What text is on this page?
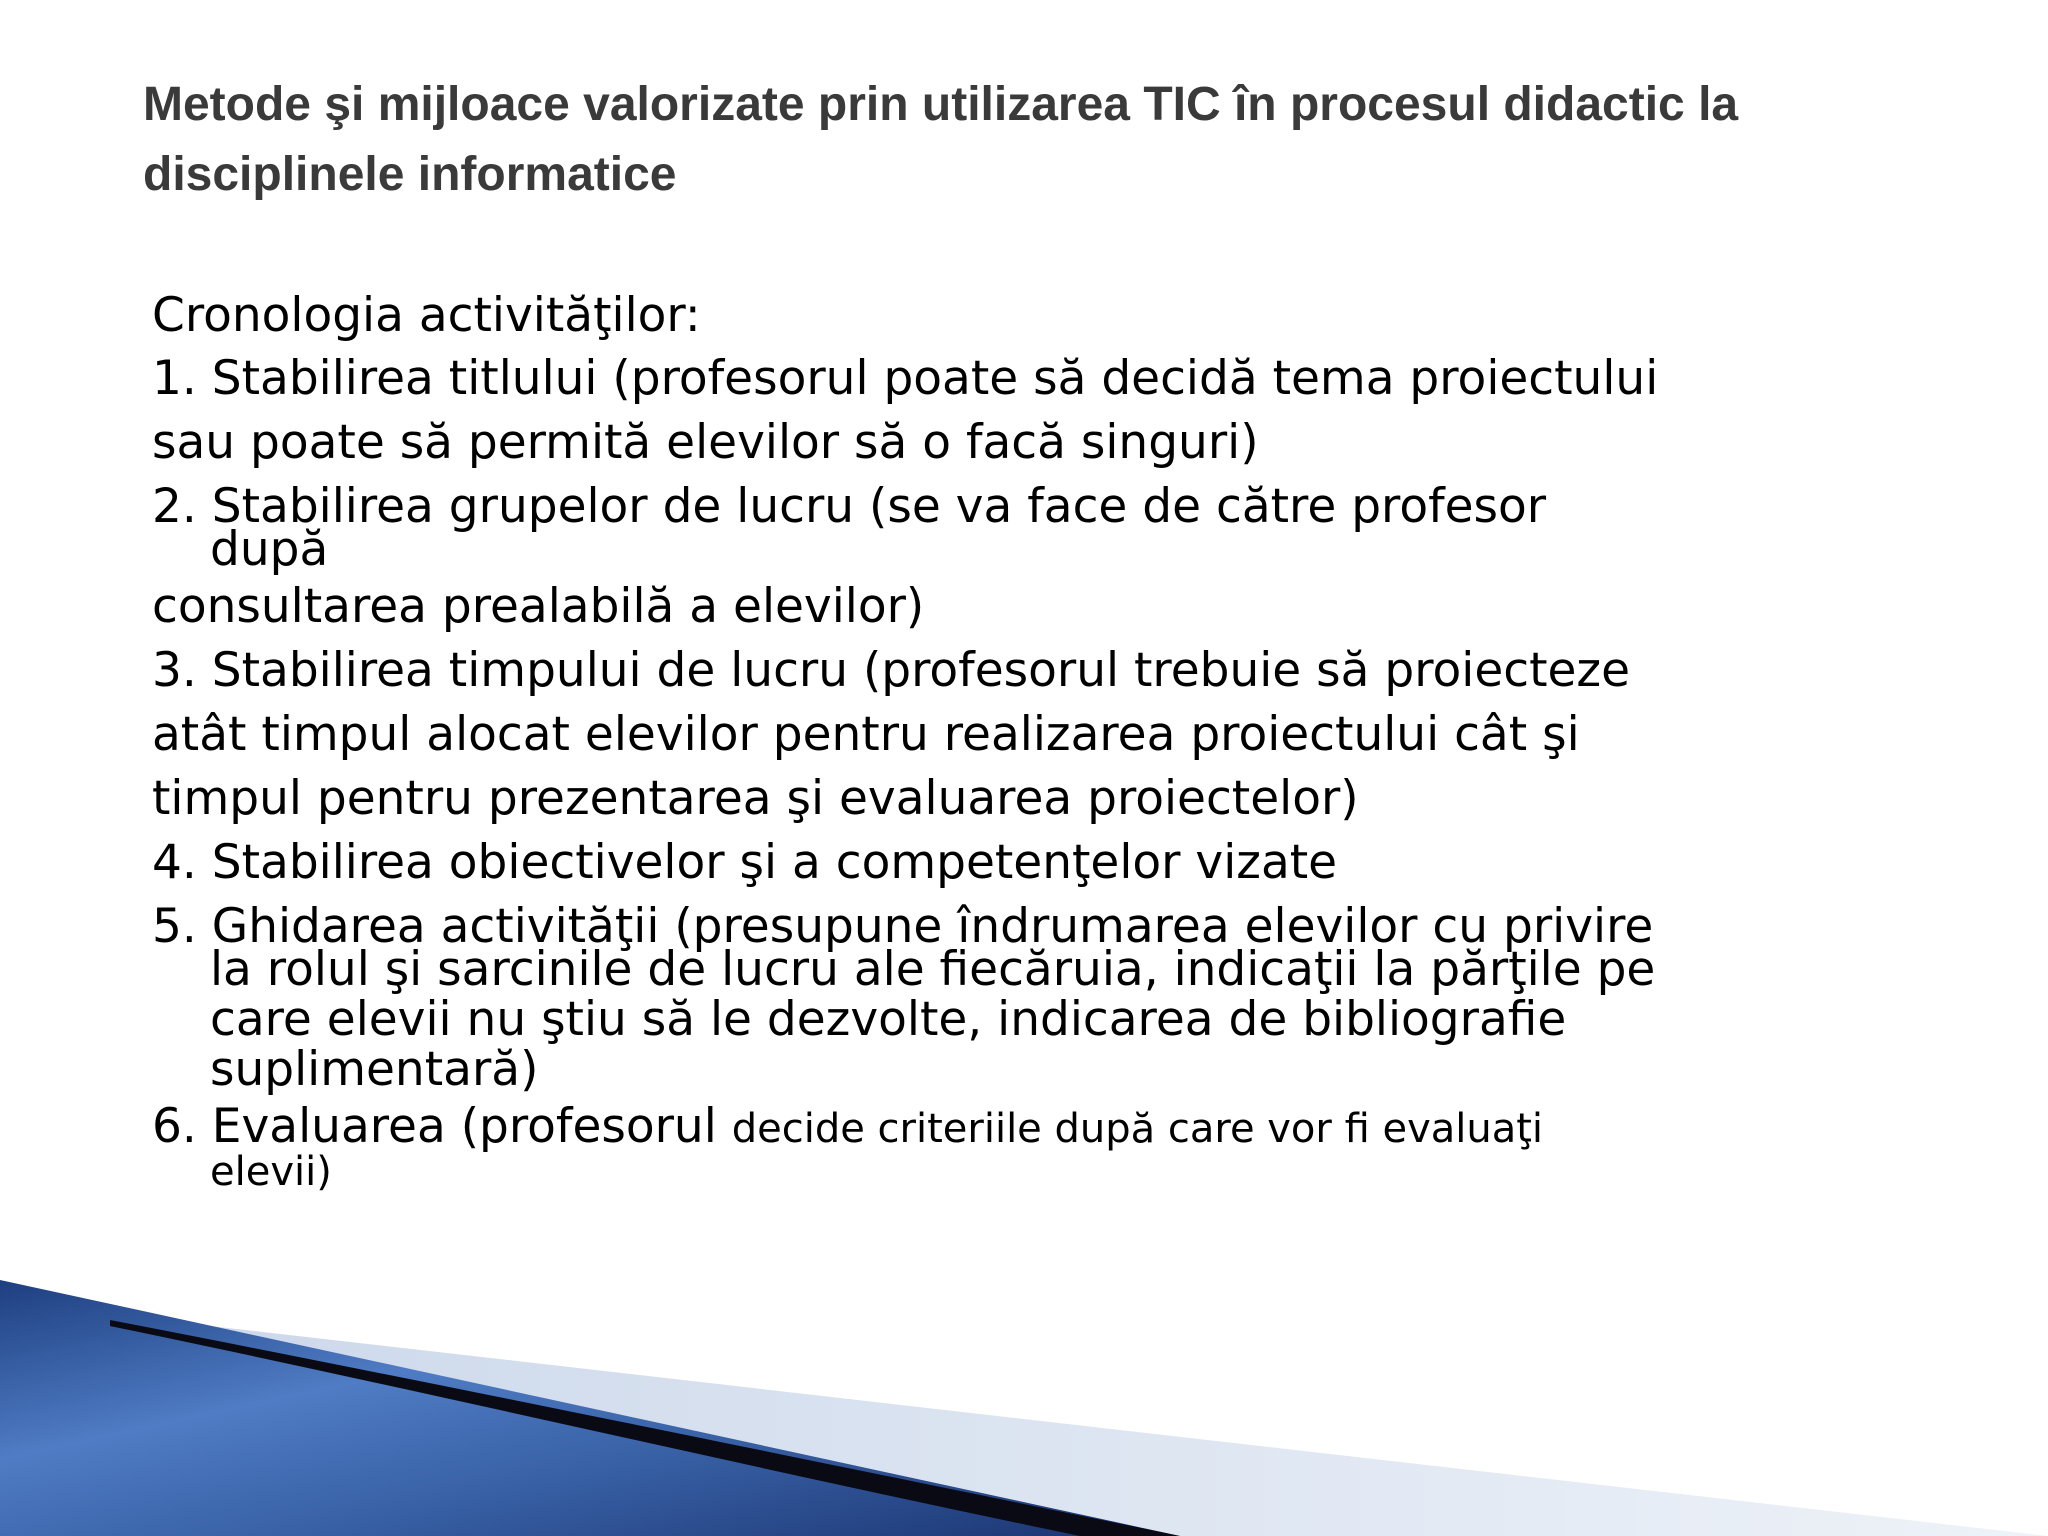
Metode şi mijloace valorizate prin utilizarea TIC în procesul didactic la disciplinele informatice

Cronologia activităţilor:

1. Stabilirea titlului (profesorul poate să decidă tema proiectului

sau poate să permită elevilor să o facă singuri)

2. Stabilirea grupelor de lucru (se va face de către profesor

după

consultarea prealabilă a elevilor)

3. Stabilirea timpului de lucru (profesorul trebuie să proiecteze

atât timpul alocat elevilor pentru realizarea proiectului cât şi

timpul pentru prezentarea şi evaluarea proiectelor)

4. Stabilirea obiectivelor şi a competenţelor vizate

5. Ghidarea activităţii (presupune îndrumarea elevilor cu privire

la rolul şi sarcinile de lucru ale fiecăruia, indicaţii la părţile pe

care elevii nu ştiu să le dezvolte, indicarea de bibliografie

suplimentară)

6. Evaluarea (profesorul decide criteriile după care vor fi evaluaţi

elevii)
